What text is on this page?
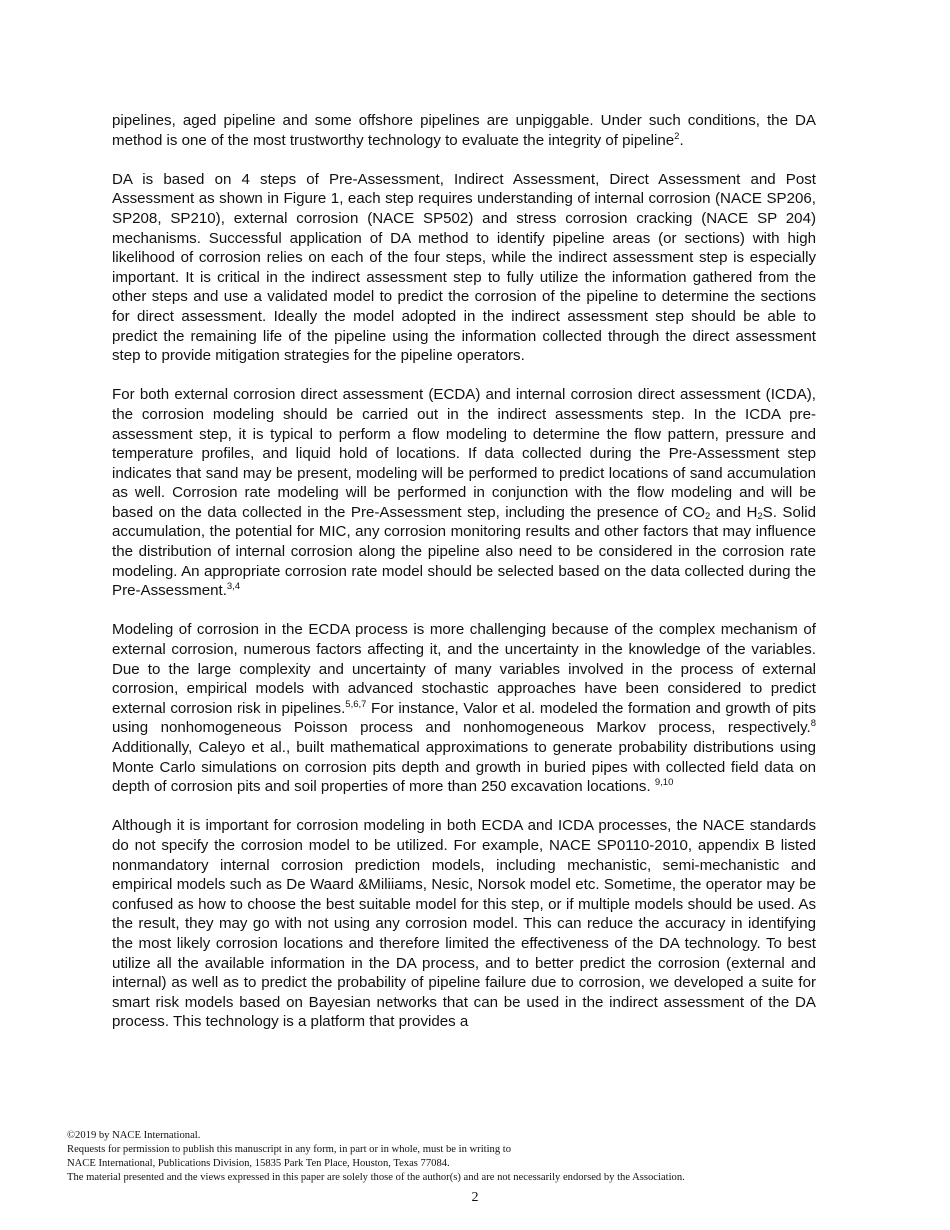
pipelines, aged pipeline and some offshore pipelines are unpiggable. Under such conditions, the DA method is one of the most trustworthy technology to evaluate the integrity of pipeline$^2$.

DA is based on 4 steps of Pre-Assessment, Indirect Assessment, Direct Assessment and Post Assessment as shown in Figure 1, each step requires understanding of internal corrosion (NACE SP206, SP208, SP210), external corrosion (NACE SP502) and stress corrosion cracking (NACE SP 204) mechanisms. Successful application of DA method to identify pipeline areas (or sections) with high likelihood of corrosion relies on each of the four steps, while the indirect assessment step is especially important. It is critical in the indirect assessment step to fully utilize the information gathered from the other steps and use a validated model to predict the corrosion of the pipeline to determine the sections for direct assessment. Ideally the model adopted in the indirect assessment step should be able to predict the remaining life of the pipeline using the information collected through the direct assessment step to provide mitigation strategies for the pipeline operators.

For both external corrosion direct assessment (ECDA) and internal corrosion direct assessment (ICDA), the corrosion modeling should be carried out in the indirect assessments step. In the ICDA pre-assessment step, it is typical to perform a flow modeling to determine the flow pattern, pressure and temperature profiles, and liquid hold of locations. If data collected during the Pre-Assessment step indicates that sand may be present, modeling will be performed to predict locations of sand accumulation as well. Corrosion rate modeling will be performed in conjunction with the flow modeling and will be based on the data collected in the Pre-Assessment step, including the presence of $CO_2$ and $H_2S$. Solid accumulation, the potential for MIC, any corrosion monitoring results and other factors that may influence the distribution of internal corrosion along the pipeline also need to be considered in the corrosion rate modeling. An appropriate corrosion rate model should be selected based on the data collected during the Pre-Assessment.$^{3,4}$

Modeling of corrosion in the ECDA process is more challenging because of the complex mechanism of external corrosion, numerous factors affecting it, and the uncertainty in the knowledge of the variables. Due to the large complexity and uncertainty of many variables involved in the process of external corrosion, empirical models with advanced stochastic approaches have been considered to predict external corrosion risk in pipelines.$^{5,6,7}$ For instance, Valor et al. modeled the formation and growth of pits using nonhomogeneous Poisson process and nonhomogeneous Markov process, respectively.$^8$ Additionally, Caleyo et al., built mathematical approximations to generate probability distributions using Monte Carlo simulations on corrosion pits depth and growth in buried pipes with collected field data on depth of corrosion pits and soil properties of more than 250 excavation locations. $^{9,10}$

Although it is important for corrosion modeling in both ECDA and ICDA processes, the NACE standards do not specify the corrosion model to be utilized. For example, NACE SP0110-2010, appendix B listed nonmandatory internal corrosion prediction models, including mechanistic, semi-mechanistic and empirical models such as De Waard &Miliiams, Nesic, Norsok model etc. Sometime, the operator may be confused as how to choose the best suitable model for this step, or if multiple models should be used. As the result, they may go with not using any corrosion model. This can reduce the accuracy in identifying the most likely corrosion locations and therefore limited the effectiveness of the DA technology. To best utilize all the available information in the DA process, and to better predict the corrosion (external and internal) as well as to predict the probability of pipeline failure due to corrosion, we developed a suite for smart risk models based on Bayesian networks that can be used in the indirect assessment of the DA process. This technology is a platform that provides a

©2019 by NACE International.
Requests for permission to publish this manuscript in any form, in part or in whole, must be in writing to
NACE International, Publications Division, 15835 Park Ten Place, Houston, Texas 77084.
The material presented and the views expressed in this paper are solely those of the author(s) and are not necessarily endorsed by the Association.
2
